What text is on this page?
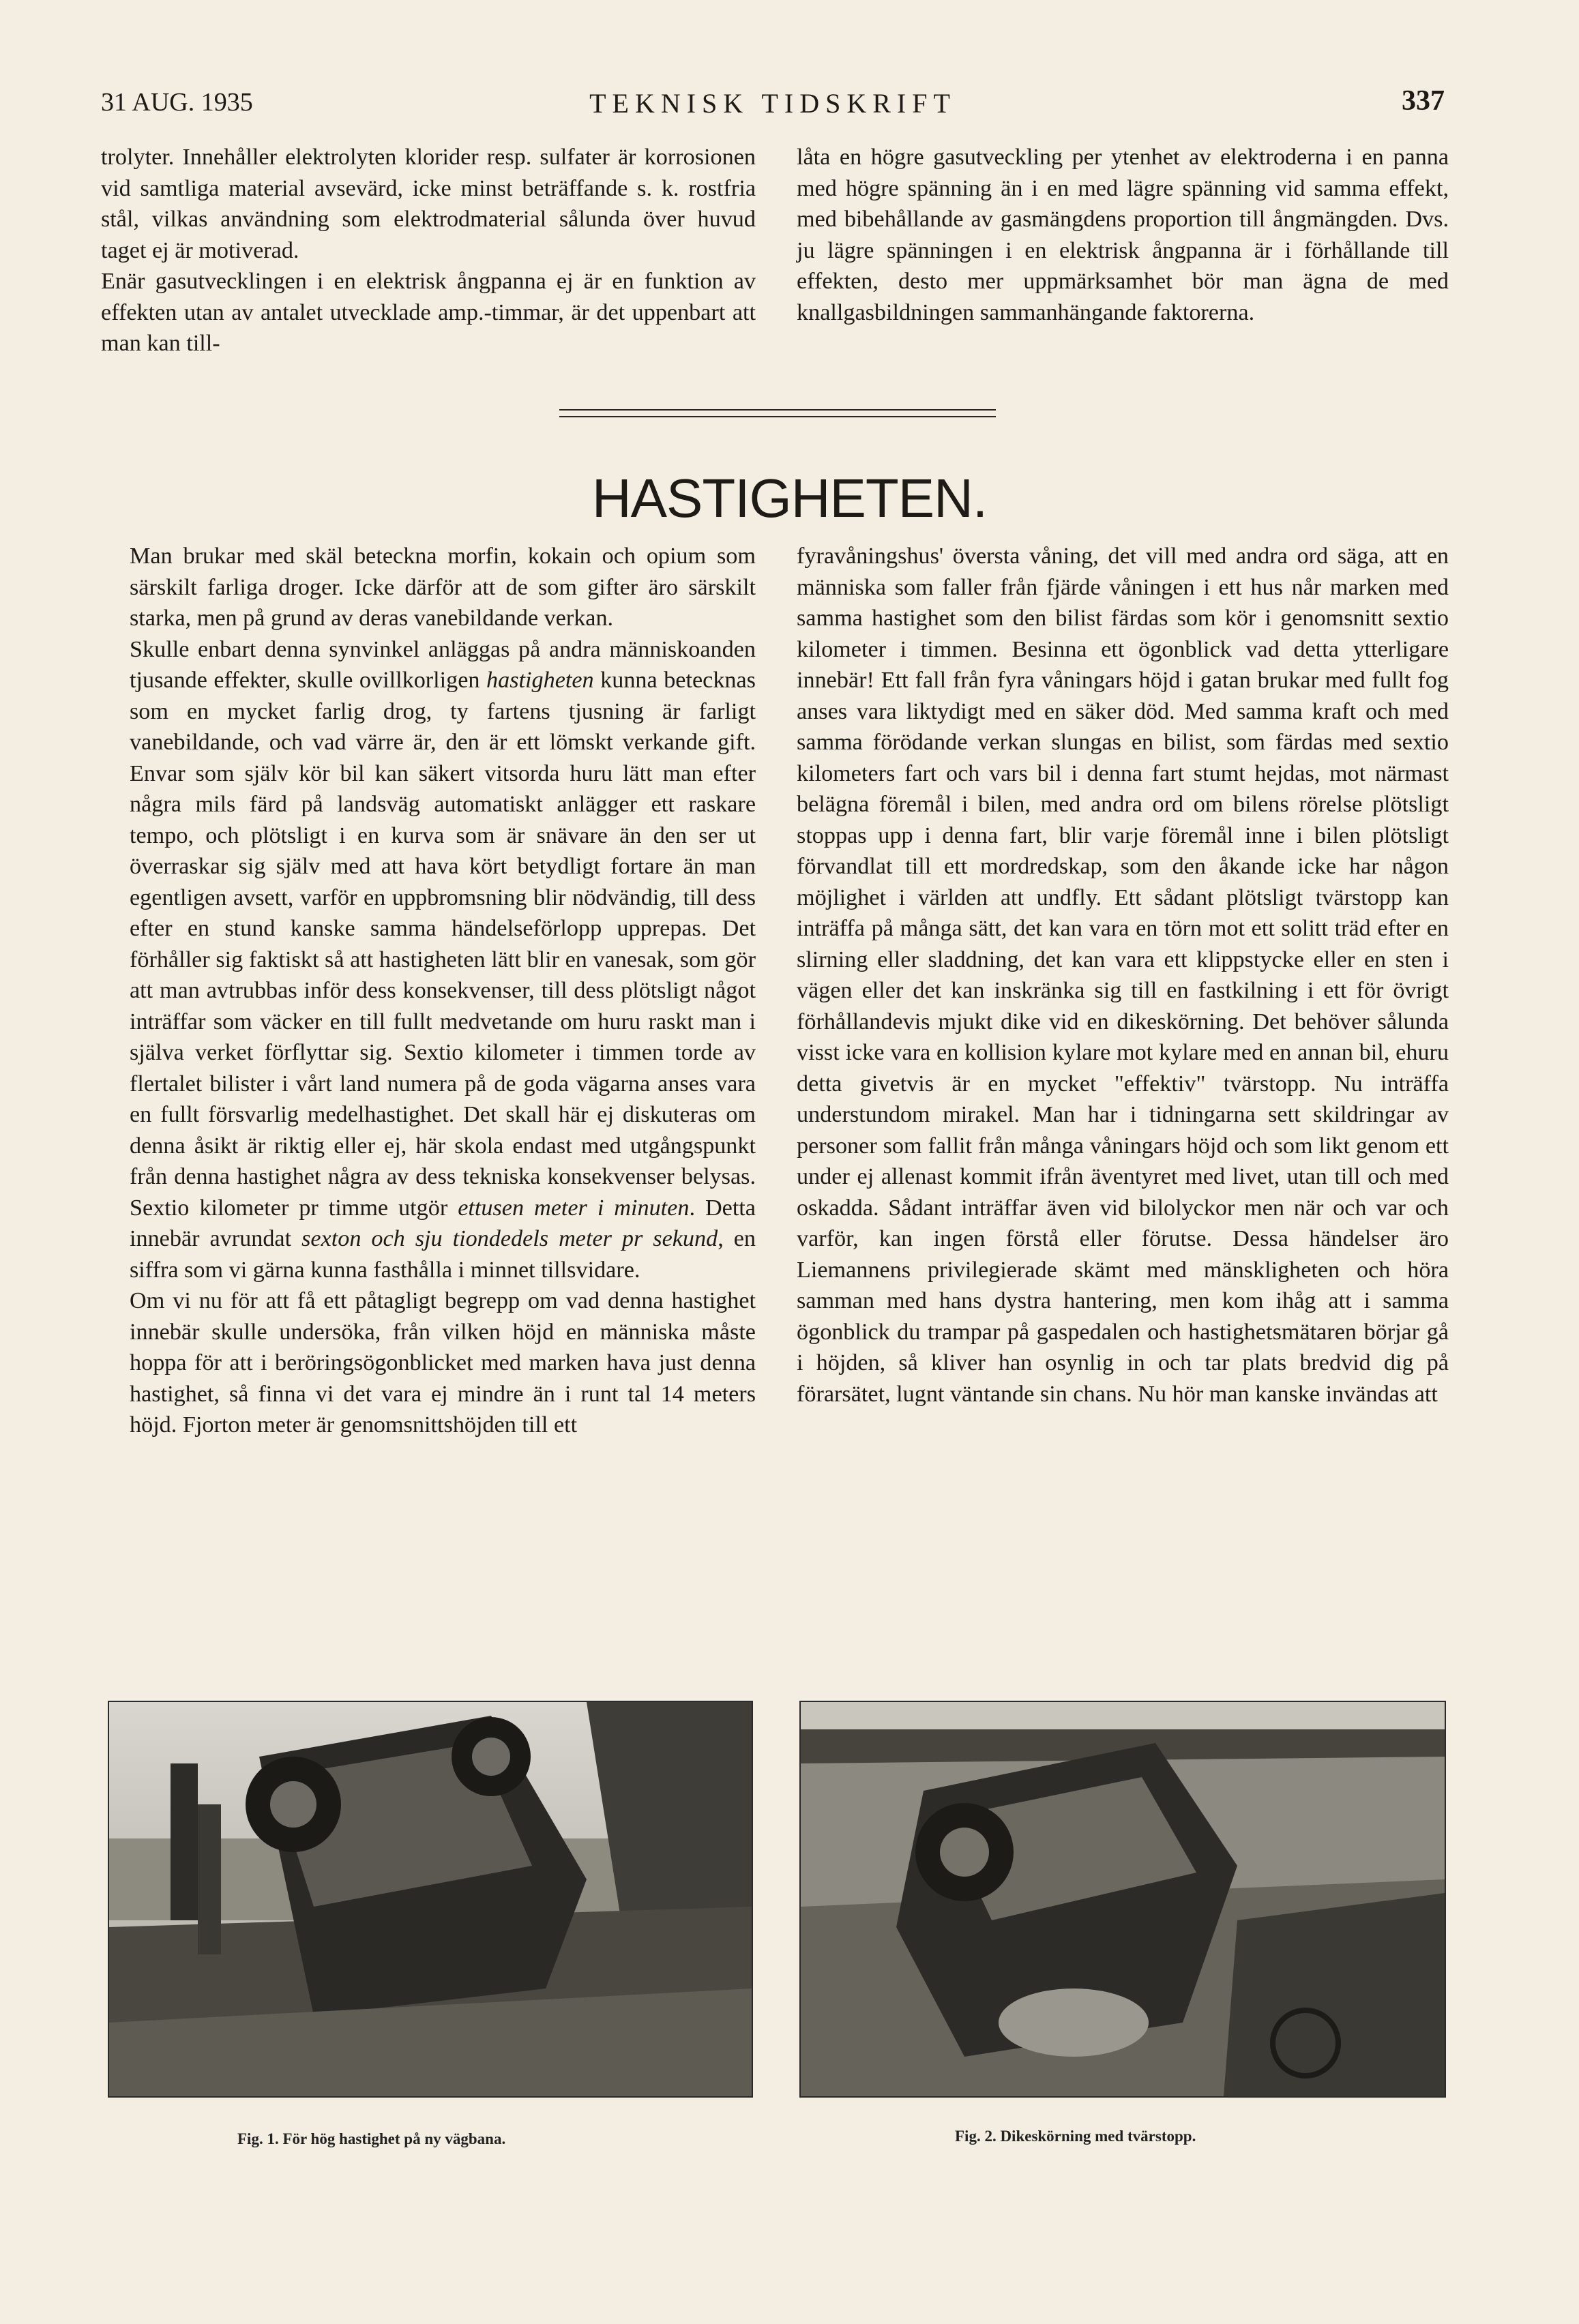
31 AUG. 1935	TEKNISK TIDSKRIFT	337

trolyter. Innehåller elektrolyten klorider resp. sulfater är korrosionen vid samtliga material avsevärd, icke minst beträffande s. k. rostfria stål, vilkas användning som elektrodmaterial sålunda över huvud taget ej är motiverad.

Enär gasutvecklingen i en elektrisk ångpanna ej är en funktion av effekten utan av antalet utvecklade amp.-timmar, är det uppenbart att man kan till-

låta en högre gasutveckling per ytenhet av elektroderna i en panna med högre spänning än i en med lägre spänning vid samma effekt, med bibehållande av gasmängdens proportion till ångmängden. Dvs. ju lägre spänningen i en elektrisk ångpanna är i förhållande till effekten, desto mer uppmärksamhet bör man ägna de med knallgasbildningen sammanhängande faktorerna.

HASTIGHETEN.

Man brukar med skäl beteckna morfin, kokain och opium som särskilt farliga droger. Icke därför att de som gifter äro särskilt starka, men på grund av deras vanebildande verkan.

Skulle enbart denna synvinkel anläggas på andra människoanden tjusande effekter, skulle ovillkorligen hastigheten kunna betecknas som en mycket farlig drog, ty fartens tjusning är farligt vanebildande, och vad värre är, den är ett lömskt verkande gift. Envar som själv kör bil kan säkert vitsorda huru lätt man efter några mils färd på landsväg automatiskt anlägger ett raskare tempo, och plötsligt i en kurva som är snävare än den ser ut överraskar sig själv med att hava kört betydligt fortare än man egentligen avsett, varför en uppbromsning blir nödvändig, till dess efter en stund kanske samma händelseförlopp upprepas. Det förhåller sig faktiskt så att hastigheten lätt blir en vanesak, som gör att man avtrubbas inför dess konsekvenser, till dess plötsligt något inträffar som väcker en till fullt medvetande om huru raskt man i själva verket förflyttar sig. Sextio kilometer i timmen torde av flertalet bilister i vårt land numera på de goda vägarna anses vara en fullt försvarlig medelhastighet. Det skall här ej diskuteras om denna åsikt är riktig eller ej, här skola endast med utgångspunkt från denna hastighet några av dess tekniska konsekvenser belysas. Sextio kilometer pr timme utgör ettusen meter i minuten. Detta innebär avrundat sexton och sju tiondedels meter pr sekund, en siffra som vi gärna kunna fasthålla i minnet tillsvidare.

Om vi nu för att få ett påtagligt begrepp om vad denna hastighet innebär skulle undersöka, från vilken höjd en människa måste hoppa för att i beröringsögonblicket med marken hava just denna hastighet, så finna vi det vara ej mindre än i runt tal 14 meters höjd. Fjorton meter är genomsnittshöjden till ett

fyravåningshus' översta våning, det vill med andra ord säga, att en människa som faller från fjärde våningen i ett hus når marken med samma hastighet som den bilist färdas som kör i genomsnitt sextio kilometer i timmen. Besinna ett ögonblick vad detta ytterligare innebär! Ett fall från fyra våningars höjd i gatan brukar med fullt fog anses vara liktydigt med en säker död. Med samma kraft och med samma förödande verkan slungas en bilist, som färdas med sextio kilometers fart och vars bil i denna fart stumt hejdas, mot närmast belägna föremål i bilen, med andra ord om bilens rörelse plötsligt stoppas upp i denna fart, blir varje föremål inne i bilen plötsligt förvandlat till ett mordredskap, som den åkande icke har någon möjlighet i världen att undfly. Ett sådant plötsligt tvärstopp kan inträffa på många sätt, det kan vara en törn mot ett solitt träd efter en slirning eller sladdning, det kan vara ett klippstycke eller en sten i vägen eller det kan inskränka sig till en fastkilning i ett för övrigt förhållandevis mjukt dike vid en dikeskörning. Det behöver sålunda visst icke vara en kollision kylare mot kylare med en annan bil, ehuru detta givetvis är en mycket "effektiv" tvärstopp. Nu inträffa understundom mirakel. Man har i tidningarna sett skildringar av personer som fallit från många våningars höjd och som likt genom ett under ej allenast kommit ifrån äventyret med livet, utan till och med oskadda. Sådant inträffar även vid bilolyckor men när och var och varför, kan ingen förstå eller förutse. Dessa händelser äro Liemannens privilegierade skämt med mänskligheten och höra samman med hans dystra hantering, men kom ihåg att i samma ögonblick du trampar på gaspedalen och hastighetsmätaren börjar gå i höjden, så kliver han osynlig in och tar plats bredvid dig på förarsätet, lugnt väntande sin chans. Nu hör man kanske invändas att

Fig. 1. För hög hastighet på ny vägbana.	Fig. 2. Dikeskörning med tvärstopp.
